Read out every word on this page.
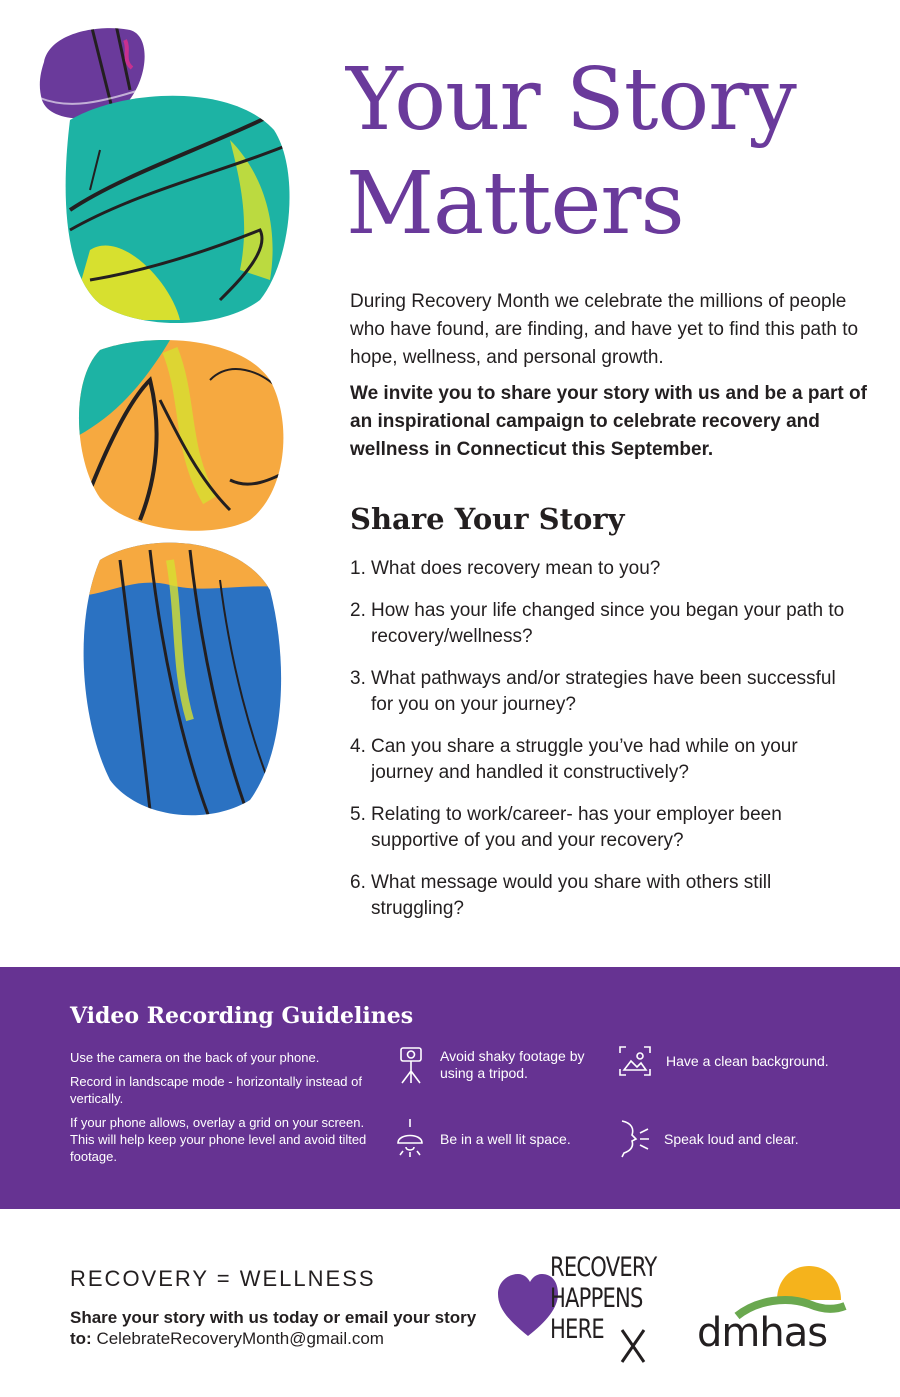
Your Story
Matters

During Recovery Month we celebrate the millions of people who have found, are finding, and have yet to find this path to hope, wellness, and personal growth.

We invite you to share your story with us and be a part of an inspirational campaign to celebrate recovery and wellness in Connecticut this September.

Share Your Story
1. What does recovery mean to you?
2. How has your life changed since you began your path to recovery/wellness?
3. What pathways and/or strategies have been successful for you on your journey?
4. Can you share a struggle you’ve had while on your journey and handled it constructively?
5. Relating to work/career- has your employer been supportive of you and your recovery?
6. What message would you share with others still struggling?
Video Recording Guidelines

Use the camera on the back of your phone.

Record in landscape mode - horizontally instead of vertically.

If your phone allows, overlay a grid on your screen. This will help keep your phone level and avoid tilted footage.

Avoid shaky footage by using a tripod.
Have a clean background.
Be in a well lit space.	Speak loud and clear.
RECOVERY = WELLNESS

Share your story with us today or email your story to: CelebrateRecoveryMonth@gmail.com

RECOVERY
HAPPENS
HERE	dmhas
